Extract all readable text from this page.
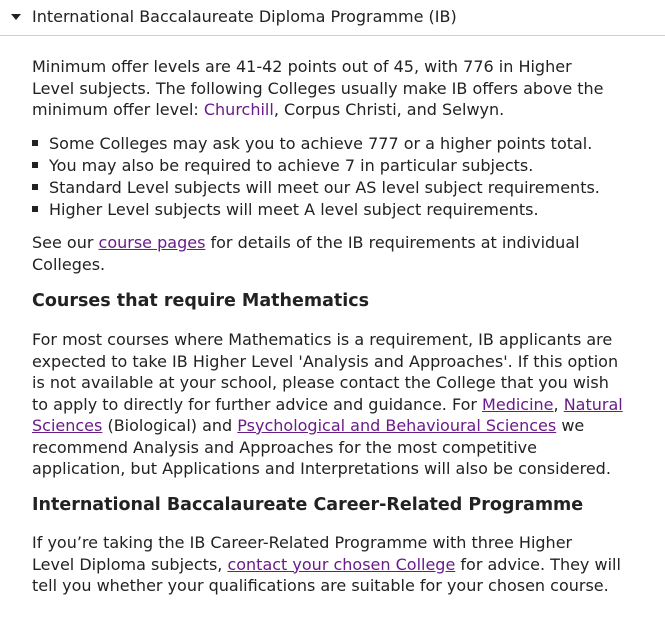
International Baccalaureate Diploma Programme (IB)
Minimum offer levels are 41-42 points out of 45, with 776 in Higher
Level subjects. The following Colleges usually make IB offers above the
minimum offer level: Churchill, Corpus Christi, and Selwyn.
Some Colleges may ask you to achieve 777 or a higher points total.
You may also be required to achieve 7 in particular subjects.
Standard Level subjects will meet our AS level subject requirements.
Higher Level subjects will meet A level subject requirements.
See our course pages for details of the IB requirements at individual
Colleges.
Courses that require Mathematics
For most courses where Mathematics is a requirement, IB applicants are
expected to take IB Higher Level 'Analysis and Approaches'. If this option
is not available at your school, please contact the College that you wish
to apply to directly for further advice and guidance. For Medicine, Natural
Sciences (Biological) and Psychological and Behavioural Sciences we
recommend Analysis and Approaches for the most competitive
application, but Applications and Interpretations will also be considered.
International Baccalaureate Career-Related Programme
If you’re taking the IB Career-Related Programme with three Higher
Level Diploma subjects, contact your chosen College for advice. They will
tell you whether your qualifications are suitable for your chosen course.
